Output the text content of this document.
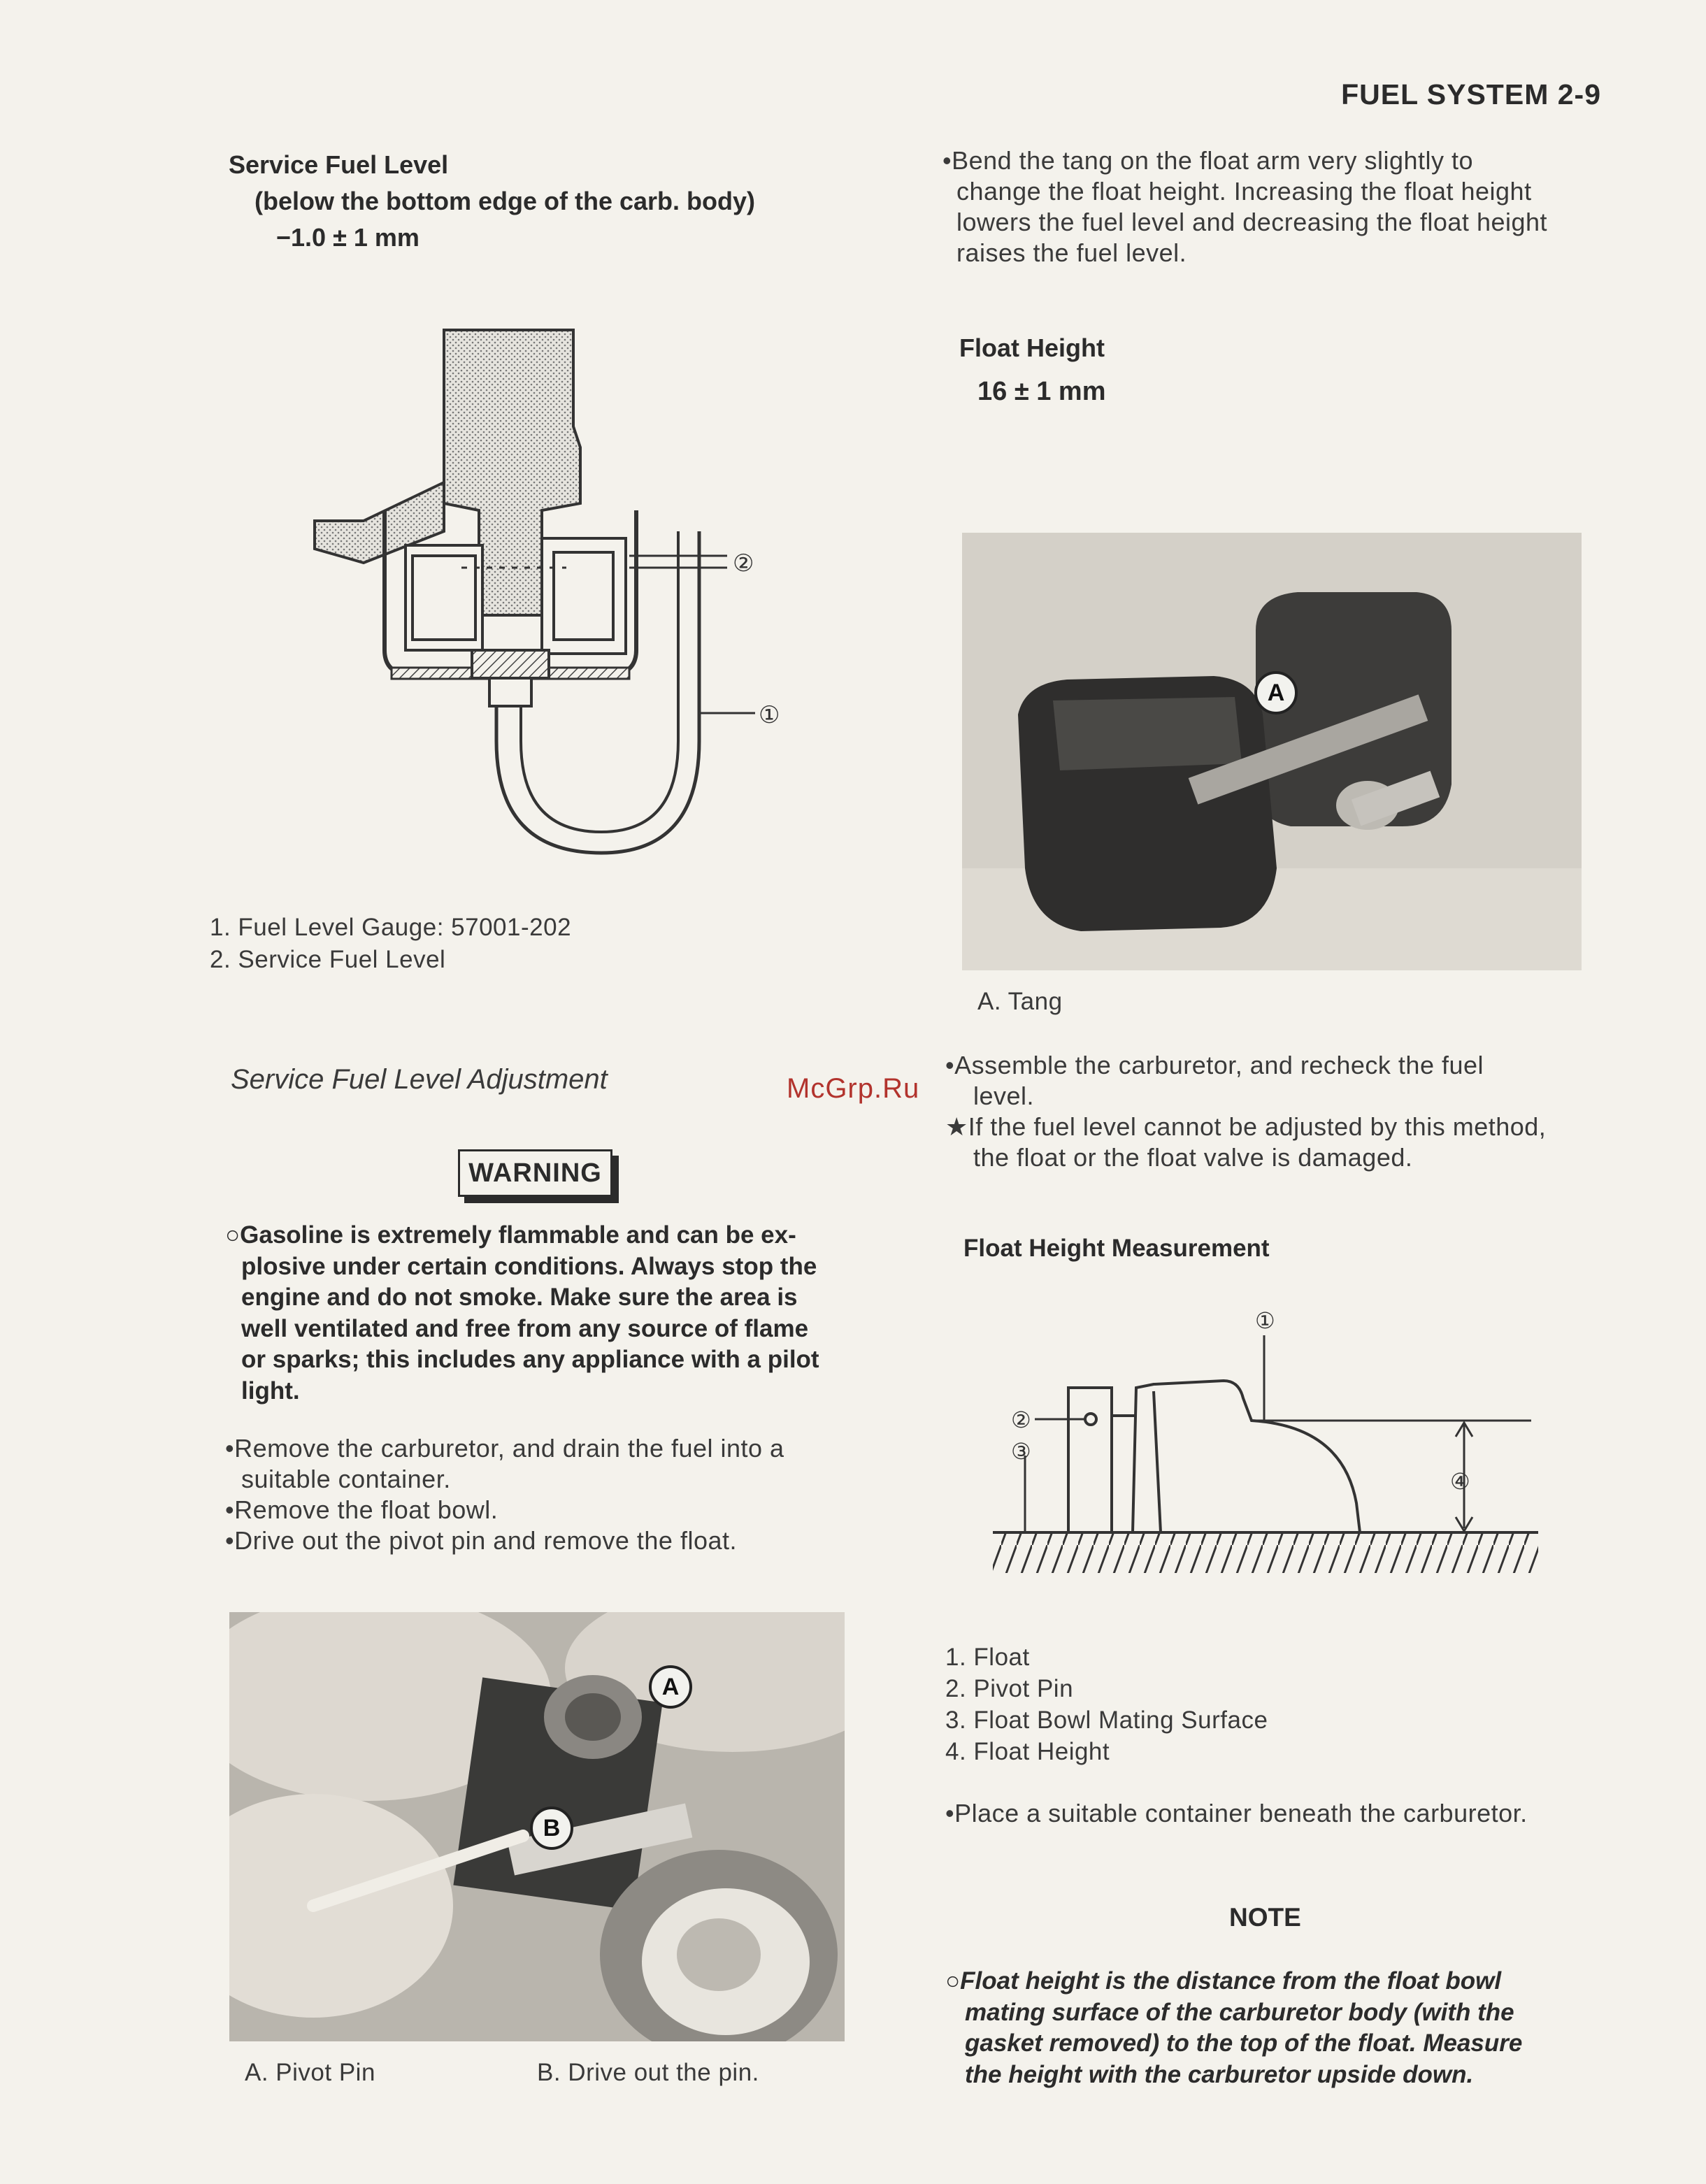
FUEL SYSTEM 2-9
Service Fuel Level
(below the bottom edge of the carb. body)
−1.0 ± 1 mm
②
①
1. Fuel Level Gauge: 57001-202
2. Service Fuel Level
Service Fuel Level Adjustment
WARNING
○Gasoline is extremely flammable and can be ex-
plosive under certain conditions. Always stop the
engine and do not smoke. Make sure the area is
well ventilated and free from any source of flame
or sparks; this includes any appliance with a pilot
light.
•Remove the carburetor, and drain the fuel into a
suitable container.
•Remove the float bowl.
•Drive out the pivot pin and remove the float.
A
B
A. Pivot Pin	B. Drive out the pin.
McGrp.Ru
•Bend the tang on the float arm very slightly to
change the float height. Increasing the float height
lowers the fuel level and decreasing the float height
raises the fuel level.
Float Height
16 ± 1 mm
A
A. Tang
•Assemble the carburetor, and recheck the fuel
level.
★If the fuel level cannot be adjusted by this method,
the float or the float valve is damaged.
Float Height Measurement
①
②
③
④
1. Float
2. Pivot Pin
3. Float Bowl Mating Surface
4. Float Height
•Place a suitable container beneath the carburetor.
NOTE
○Float height is the distance from the float bowl
mating surface of the carburetor body (with the
gasket removed) to the top of the float. Measure
the height with the carburetor upside down.
